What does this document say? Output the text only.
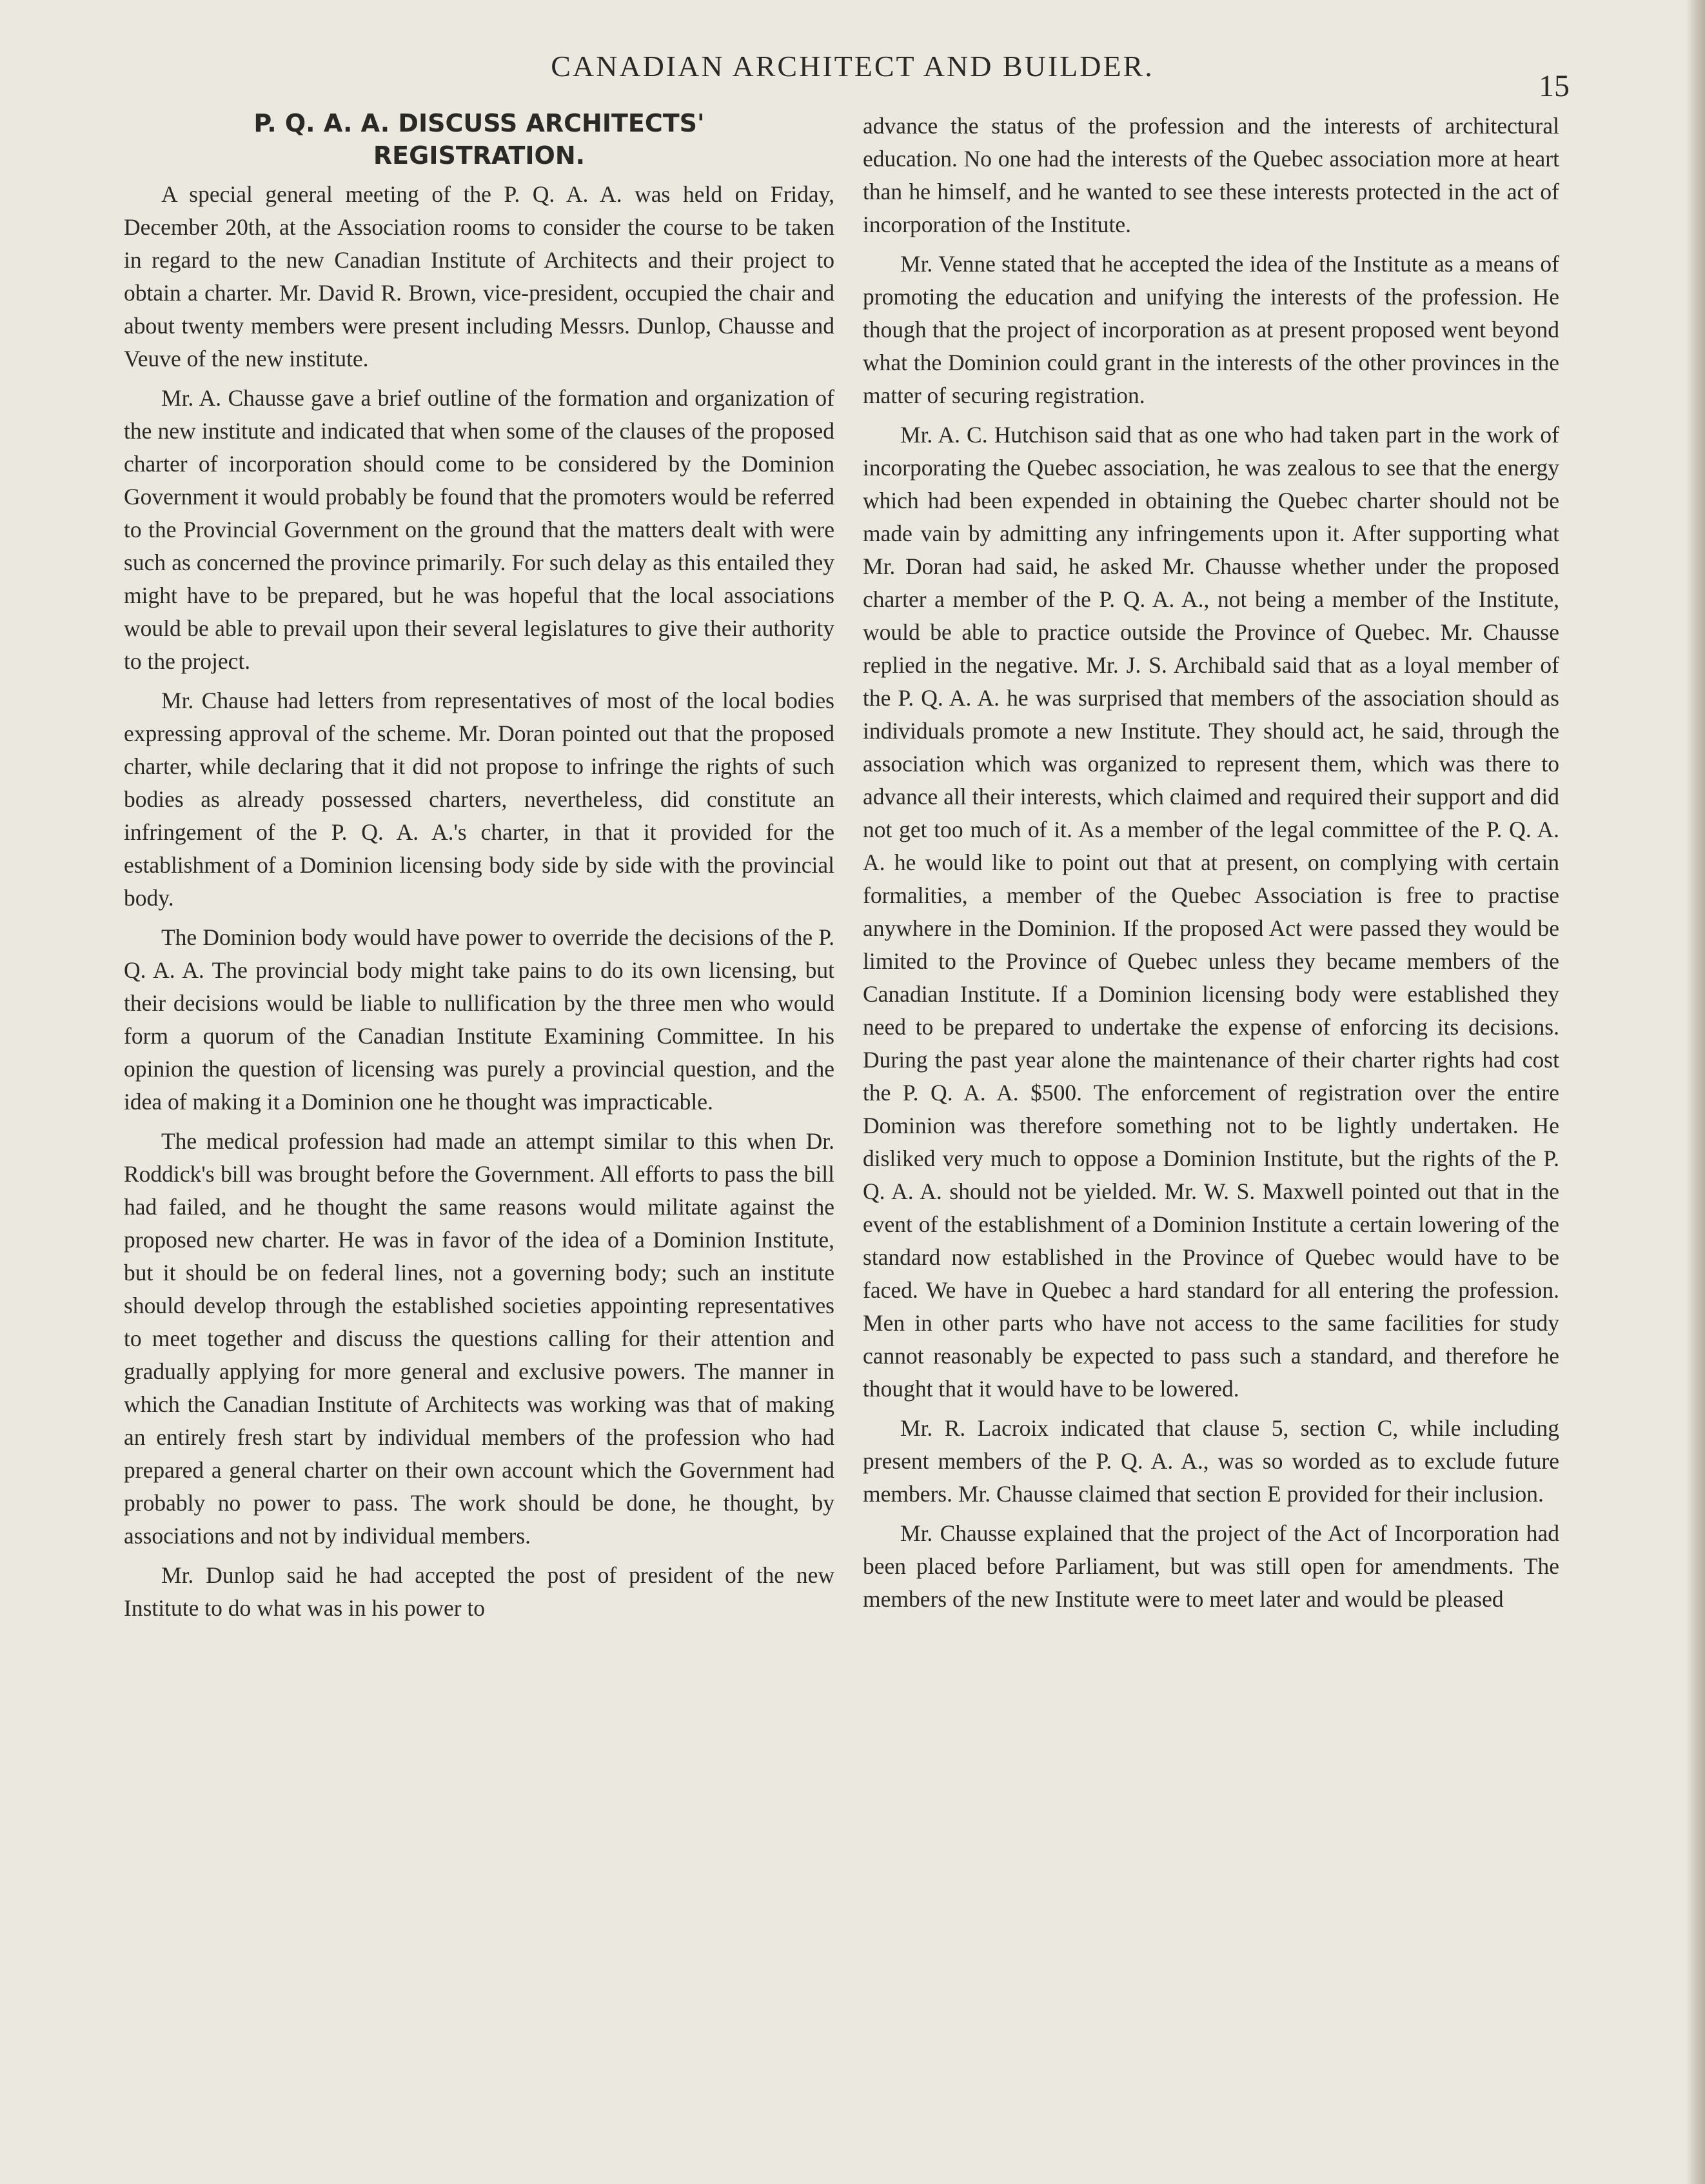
CANADIAN ARCHITECT AND BUILDER.
15
P. Q. A. A. DISCUSS ARCHITECTS'
REGISTRATION.

A special general meeting of the P. Q. A. A. was held on Friday, December 20th, at the Association rooms to consider the course to be taken in regard to the new Canadian Institute of Architects and their project to obtain a charter. Mr. David R. Brown, vice-president, occupied the chair and about twenty members were present including Messrs. Dunlop, Chausse and Veuve of the new institute.

Mr. A. Chausse gave a brief outline of the formation and organization of the new institute and indicated that when some of the clauses of the proposed charter of incorporation should come to be considered by the Dominion Government it would probably be found that the promoters would be referred to the Provincial Government on the ground that the matters dealt with were such as concerned the province primarily. For such delay as this entailed they might have to be prepared, but he was hopeful that the local associations would be able to prevail upon their several legislatures to give their authority to the project.

Mr. Chause had letters from representatives of most of the local bodies expressing approval of the scheme. Mr. Doran pointed out that the proposed charter, while declaring that it did not propose to infringe the rights of such bodies as already possessed charters, nevertheless, did constitute an infringement of the P. Q. A. A.'s charter, in that it provided for the establishment of a Dominion licensing body side by side with the provincial body.

The Dominion body would have power to override the decisions of the P. Q. A. A. The provincial body might take pains to do its own licensing, but their decisions would be liable to nullification by the three men who would form a quorum of the Canadian Institute Examining Committee. In his opinion the question of licensing was purely a provincial question, and the idea of making it a Dominion one he thought was impracticable.

The medical profession had made an attempt similar to this when Dr. Roddick's bill was brought before the Government. All efforts to pass the bill had failed, and he thought the same reasons would militate against the proposed new charter. He was in favor of the idea of a Dominion Institute, but it should be on federal lines, not a governing body; such an institute should develop through the established societies appointing representatives to meet together and discuss the questions calling for their attention and gradually applying for more general and exclusive powers. The manner in which the Canadian Institute of Architects was working was that of making an entirely fresh start by individual members of the profession who had prepared a general charter on their own account which the Government had probably no power to pass. The work should be done, he thought, by associations and not by individual members.

Mr. Dunlop said he had accepted the post of president of the new Institute to do what was in his power to

advance the status of the profession and the interests of architectural education. No one had the interests of the Quebec association more at heart than he himself, and he wanted to see these interests protected in the act of incorporation of the Institute.

Mr. Venne stated that he accepted the idea of the Institute as a means of promoting the education and unifying the interests of the profession. He though that the project of incorporation as at present proposed went beyond what the Dominion could grant in the interests of the other provinces in the matter of securing registration.

Mr. A. C. Hutchison said that as one who had taken part in the work of incorporating the Quebec association, he was zealous to see that the energy which had been expended in obtaining the Quebec charter should not be made vain by admitting any infringements upon it. After supporting what Mr. Doran had said, he asked Mr. Chausse whether under the proposed charter a member of the P. Q. A. A., not being a member of the Institute, would be able to practice outside the Province of Quebec. Mr. Chausse replied in the negative. Mr. J. S. Archibald said that as a loyal member of the P. Q. A. A. he was surprised that members of the association should as individuals promote a new Institute. They should act, he said, through the association which was organized to represent them, which was there to advance all their interests, which claimed and required their support and did not get too much of it. As a member of the legal committee of the P. Q. A. A. he would like to point out that at present, on complying with certain formalities, a member of the Quebec Association is free to practise anywhere in the Dominion. If the proposed Act were passed they would be limited to the Province of Quebec unless they became members of the Canadian Institute. If a Dominion licensing body were established they need to be prepared to undertake the expense of enforcing its decisions. During the past year alone the maintenance of their charter rights had cost the P. Q. A. A. $500. The enforcement of registration over the entire Dominion was therefore something not to be lightly undertaken. He disliked very much to oppose a Dominion Institute, but the rights of the P. Q. A. A. should not be yielded. Mr. W. S. Maxwell pointed out that in the event of the establishment of a Dominion Institute a certain lowering of the standard now established in the Province of Quebec would have to be faced. We have in Quebec a hard standard for all entering the profession. Men in other parts who have not access to the same facilities for study cannot reasonably be expected to pass such a standard, and therefore he thought that it would have to be lowered.

Mr. R. Lacroix indicated that clause 5, section C, while including present members of the P. Q. A. A., was so worded as to exclude future members. Mr. Chausse claimed that section E provided for their inclusion.

Mr. Chausse explained that the project of the Act of Incorporation had been placed before Parliament, but was still open for amendments. The members of the new Institute were to meet later and would be pleased
